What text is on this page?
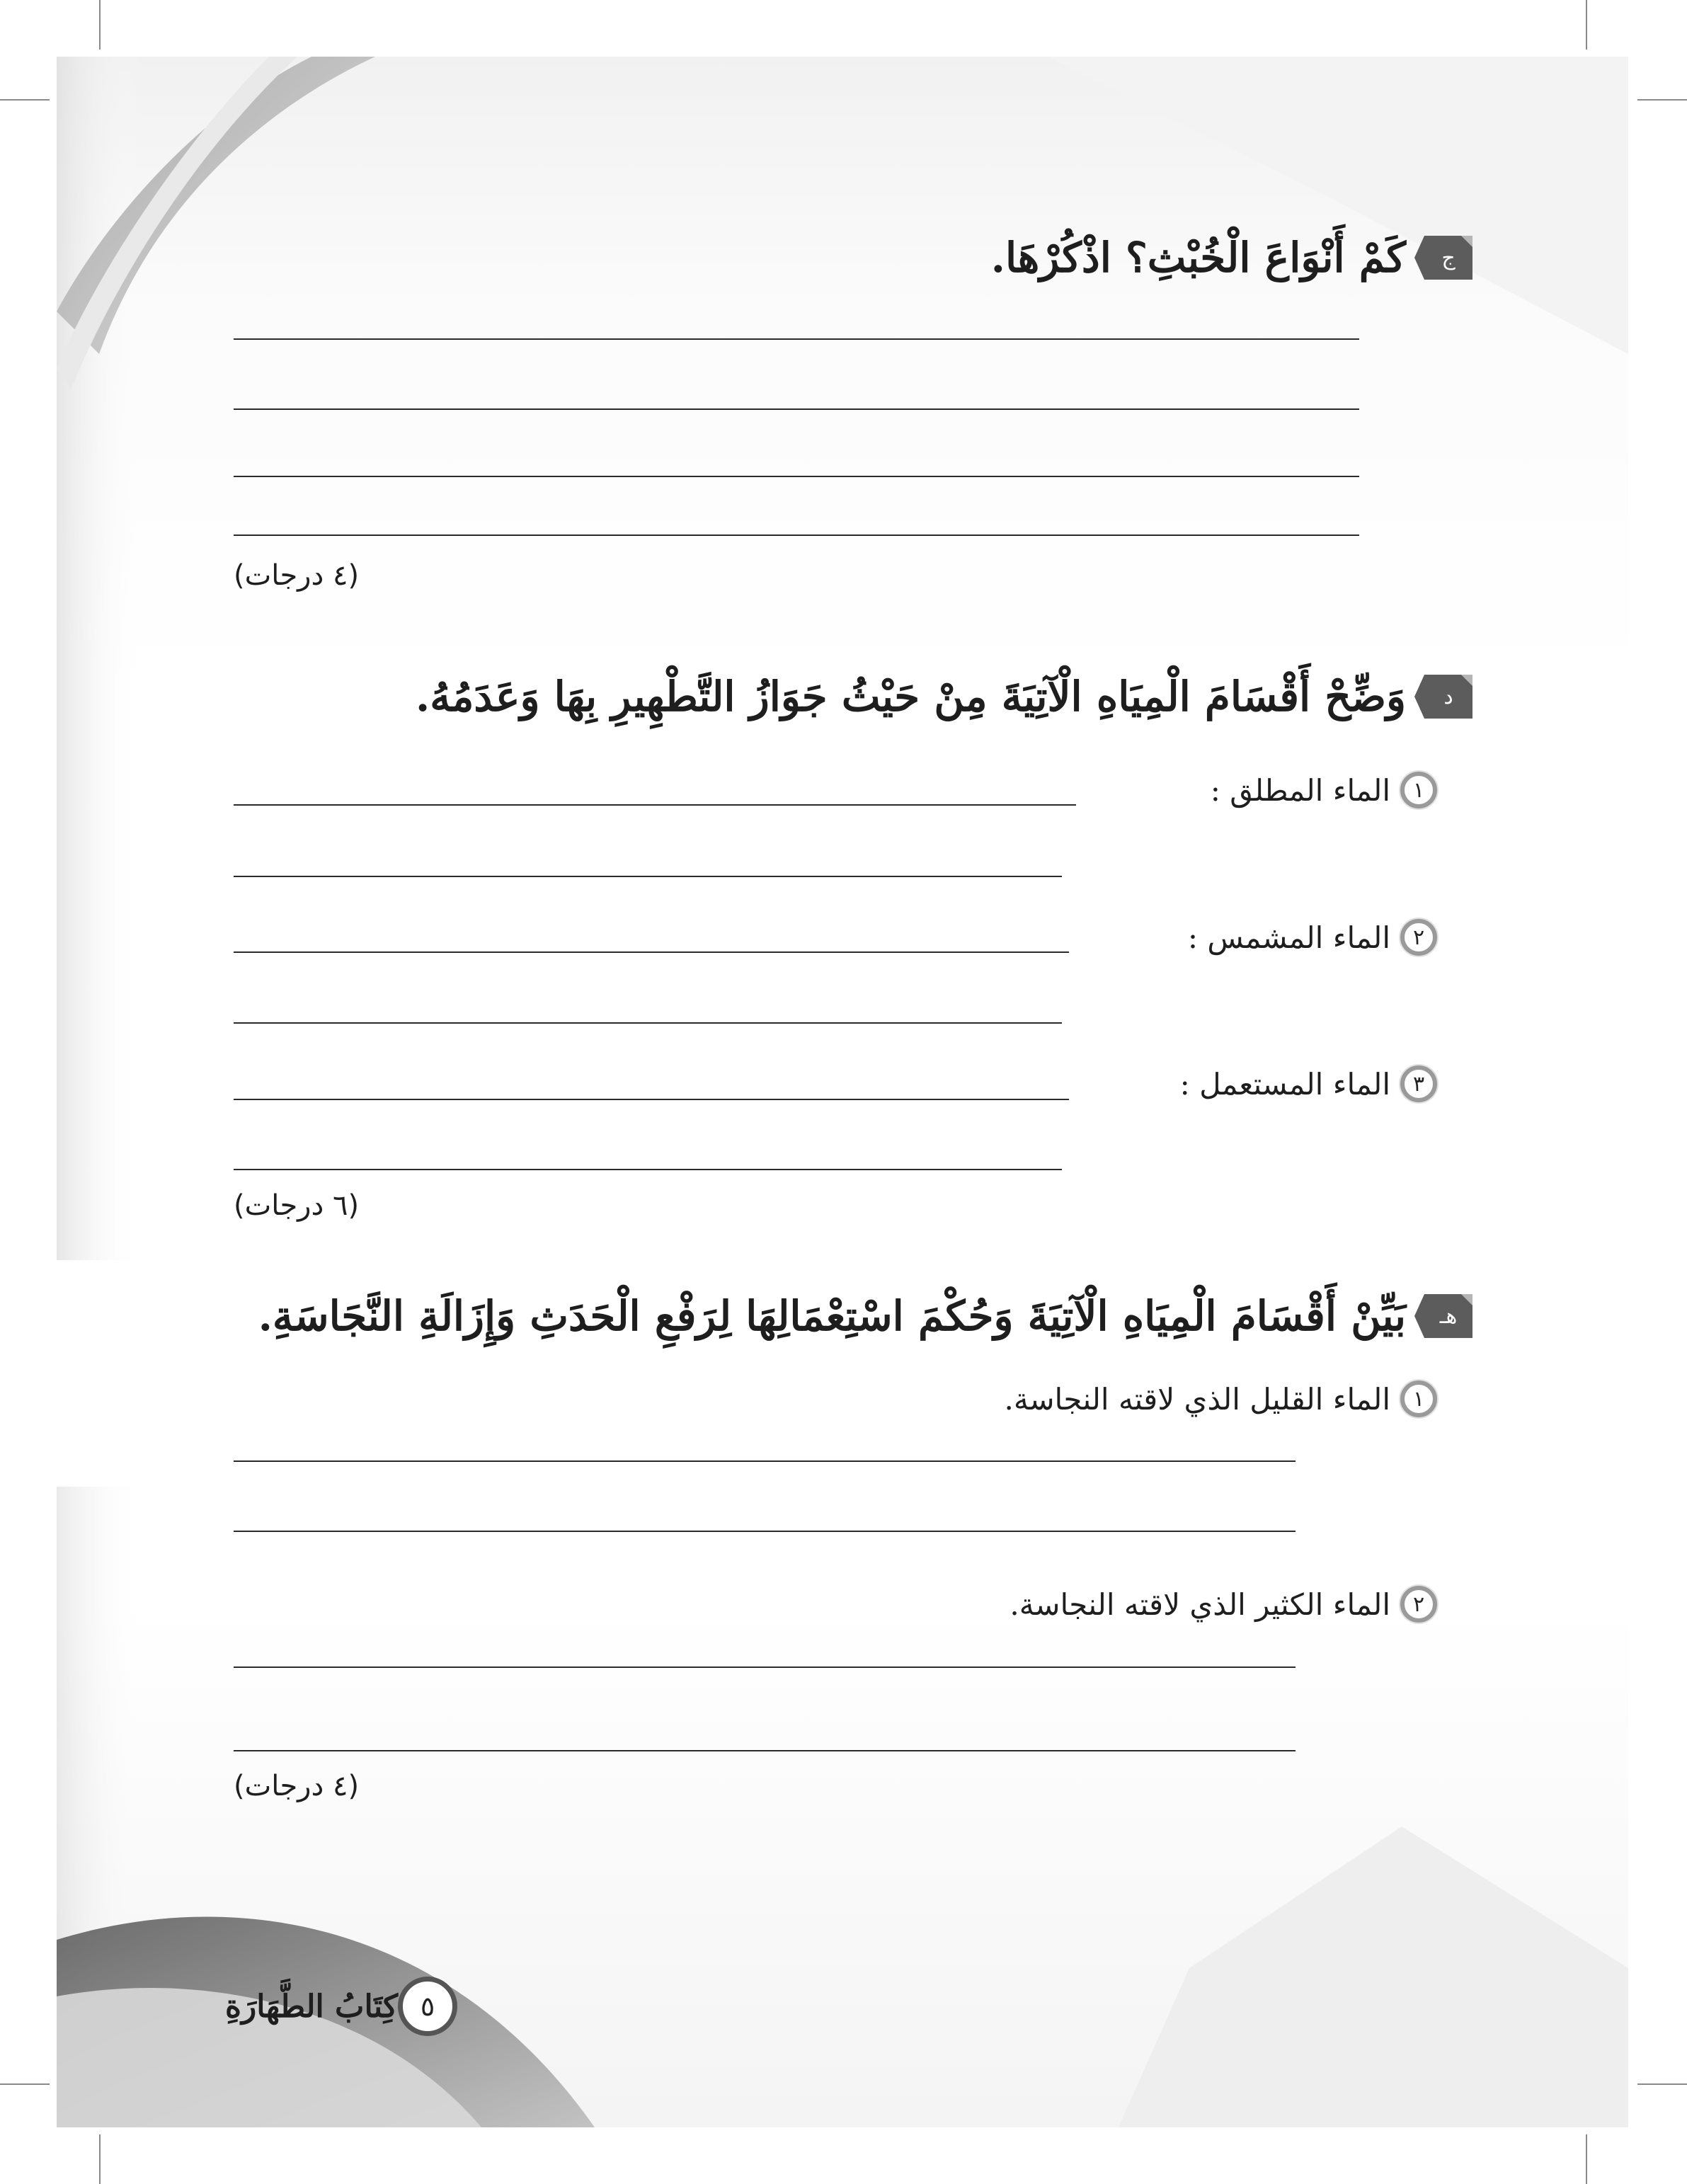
ج
كَمْ أَنْوَاعَ الْخُبْثِ؟ اذْكُرْهَا.
(٤ درجات)
د
وَضِّحْ أَقْسَامَ الْمِيَاهِ الْآتِيَةَ مِنْ حَيْثُ جَوَازُ التَّطْهِيرِ بِهَا وَعَدَمُهُ.
١
الماء المطلق :
٢
الماء المشمس :
٣
الماء المستعمل :
(٦ درجات)
هـ
بَيِّنْ أَقْسَامَ الْمِيَاهِ الْآتِيَةَ وَحُكْمَ اسْتِعْمَالِهَا لِرَفْعِ الْحَدَثِ وَإِزَالَةِ النَّجَاسَةِ.
١
الماء القليل الذي لاقته النجاسة.
٢
الماء الكثير الذي لاقته النجاسة.
(٤ درجات)
٥
كِتَابُ الطَّهَارَةِ
